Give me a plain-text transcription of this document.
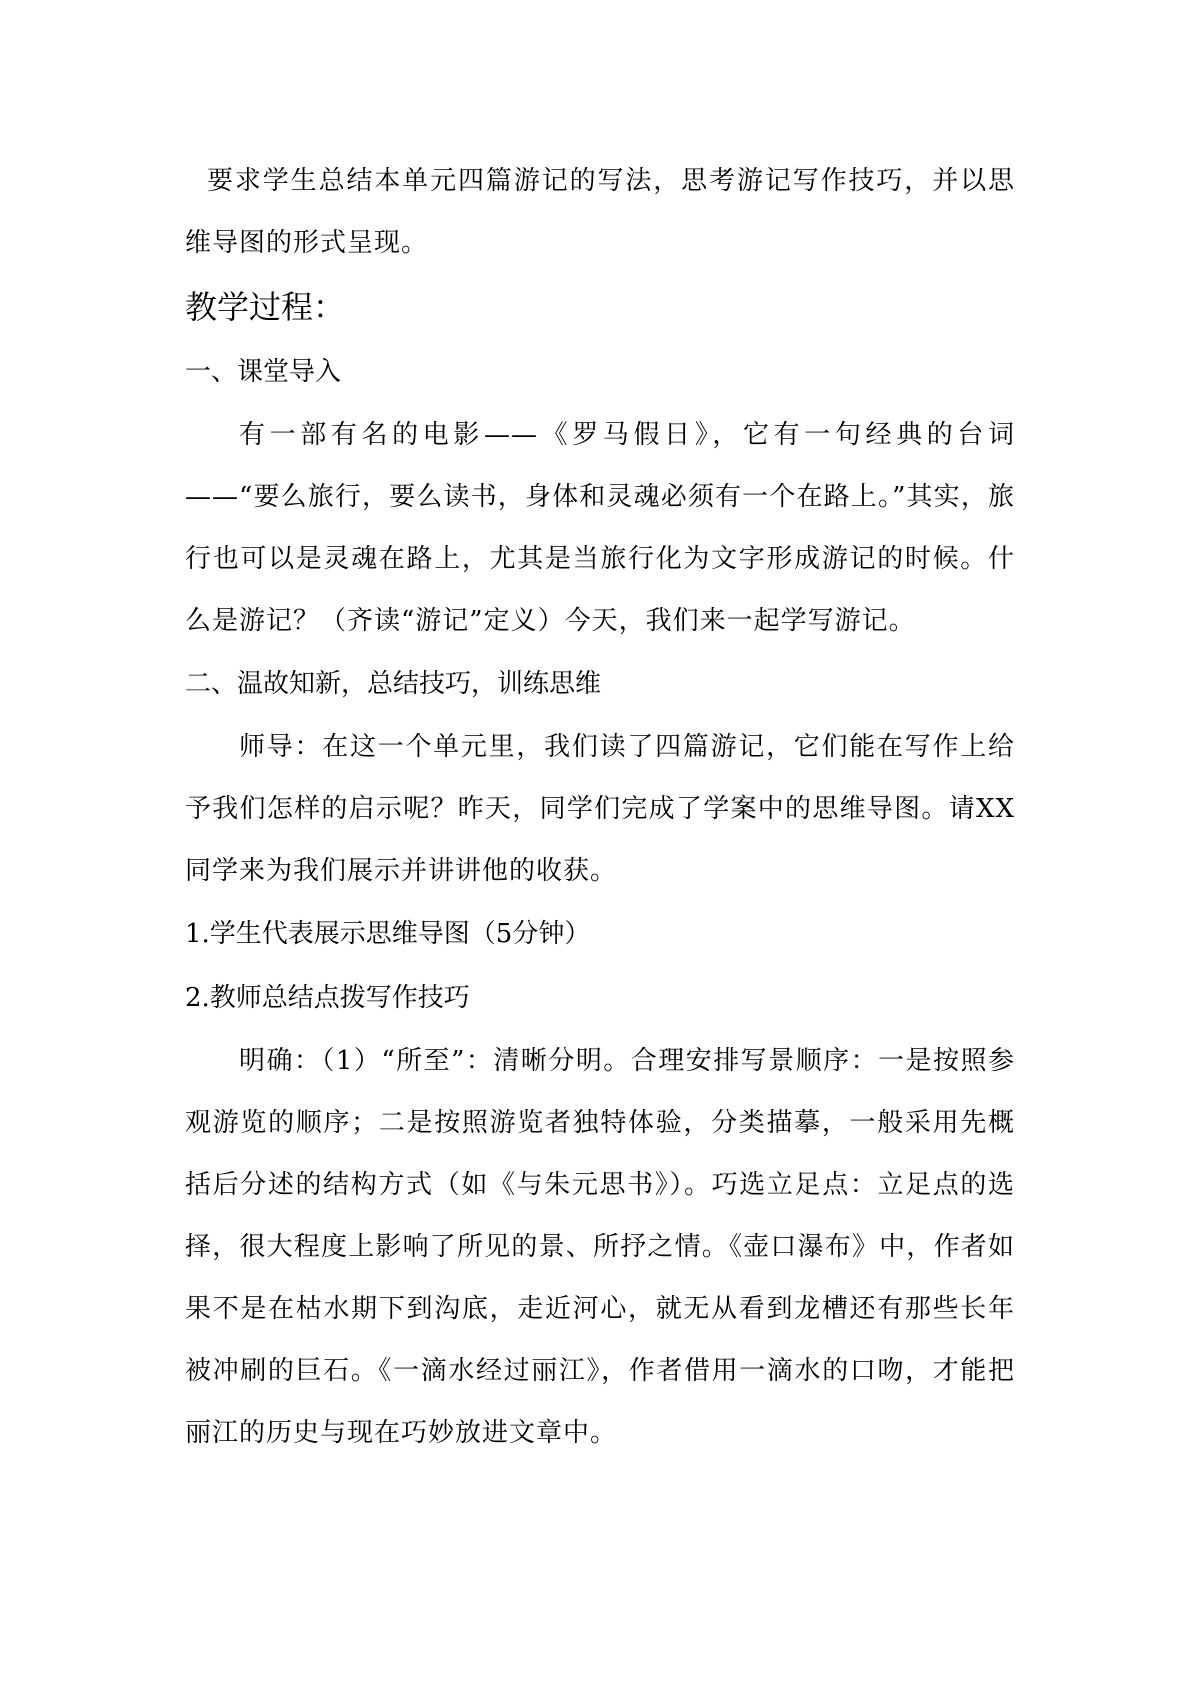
要求学生总结本单元四篇游记的写法，思考游记写作技巧，并以思维导图的形式呈现。

教学过程：

一、课堂导入

有一部有名的电影——《罗马假日》，它有一句经典的台词——“要么旅行，要么读书，身体和灵魂必须有一个在路上。”其实，旅行也可以是灵魂在路上，尤其是当旅行化为文字形成游记的时候。什么是游记？（齐读“游记”定义）今天，我们来一起学写游记。

二、温故知新，总结技巧，训练思维

师导：在这一个单元里，我们读了四篇游记，它们能在写作上给予我们怎样的启示呢？昨天，同学们完成了学案中的思维导图。请XX同学来为我们展示并讲讲他的收获。

1.学生代表展示思维导图（5分钟）

2.教师总结点拨写作技巧

明确：（1）“所至”：清晰分明。合理安排写景顺序：一是按照参观游览的顺序；二是按照游览者独特体验，分类描摹，一般采用先概括后分述的结构方式（如《与朱元思书》）。巧选立足点：立足点的选择，很大程度上影响了所见的景、所抒之情。《壶口瀑布》中，作者如果不是在枯水期下到沟底，走近河心，就无从看到龙槽还有那些长年被冲刷的巨石。《一滴水经过丽江》，作者借用一滴水的口吻，才能把丽江的历史与现在巧妙放进文章中。
